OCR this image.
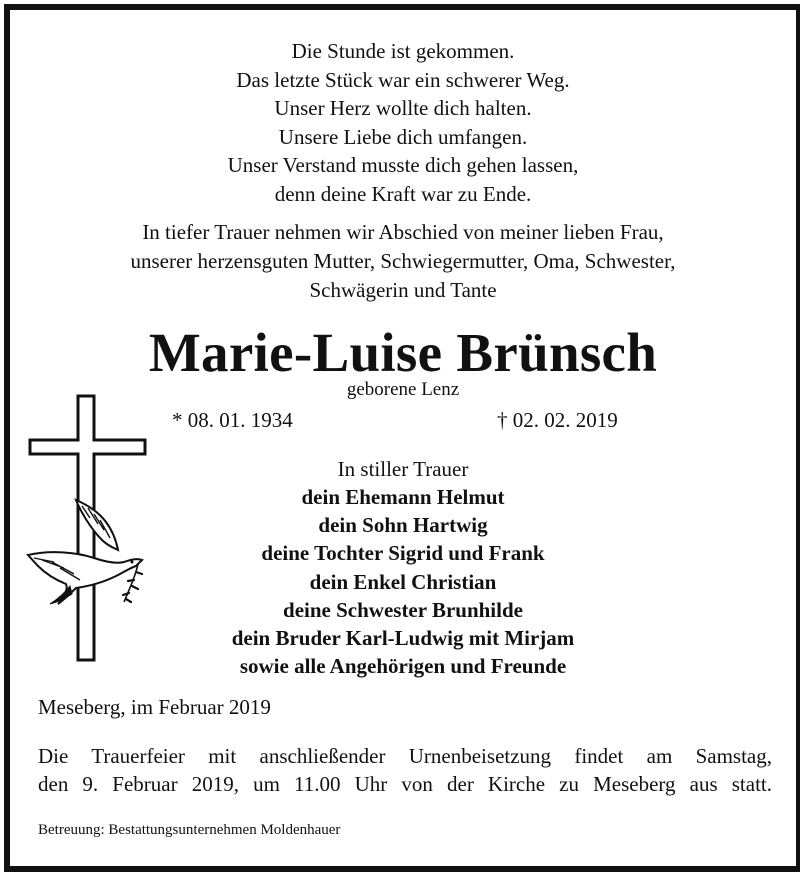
Die Stunde ist gekommen.
Das letzte Stück war ein schwerer Weg.
Unser Herz wollte dich halten.
Unsere Liebe dich umfangen.
Unser Verstand musste dich gehen lassen,
denn deine Kraft war zu Ende.
In tiefer Trauer nehmen wir Abschied von meiner lieben Frau,
unserer herzensguten Mutter, Schwiegermutter, Oma, Schwester,
Schwägerin und Tante
Marie-Luise Brünsch
geborene Lenz
* 08. 01. 1934	† 02. 02. 2019
In stiller Trauer
dein Ehemann Helmut
dein Sohn Hartwig
deine Tochter Sigrid und Frank
dein Enkel Christian
deine Schwester Brunhilde
dein Bruder Karl-Ludwig mit Mirjam
sowie alle Angehörigen und Freunde
Meseberg, im Februar 2019
Die Trauerfeier mit anschließender Urnenbeisetzung findet am Samstag,
den 9. Februar 2019, um 11.00 Uhr von der Kirche zu Meseberg aus statt.
Betreuung: Bestattungsunternehmen Moldenhauer
